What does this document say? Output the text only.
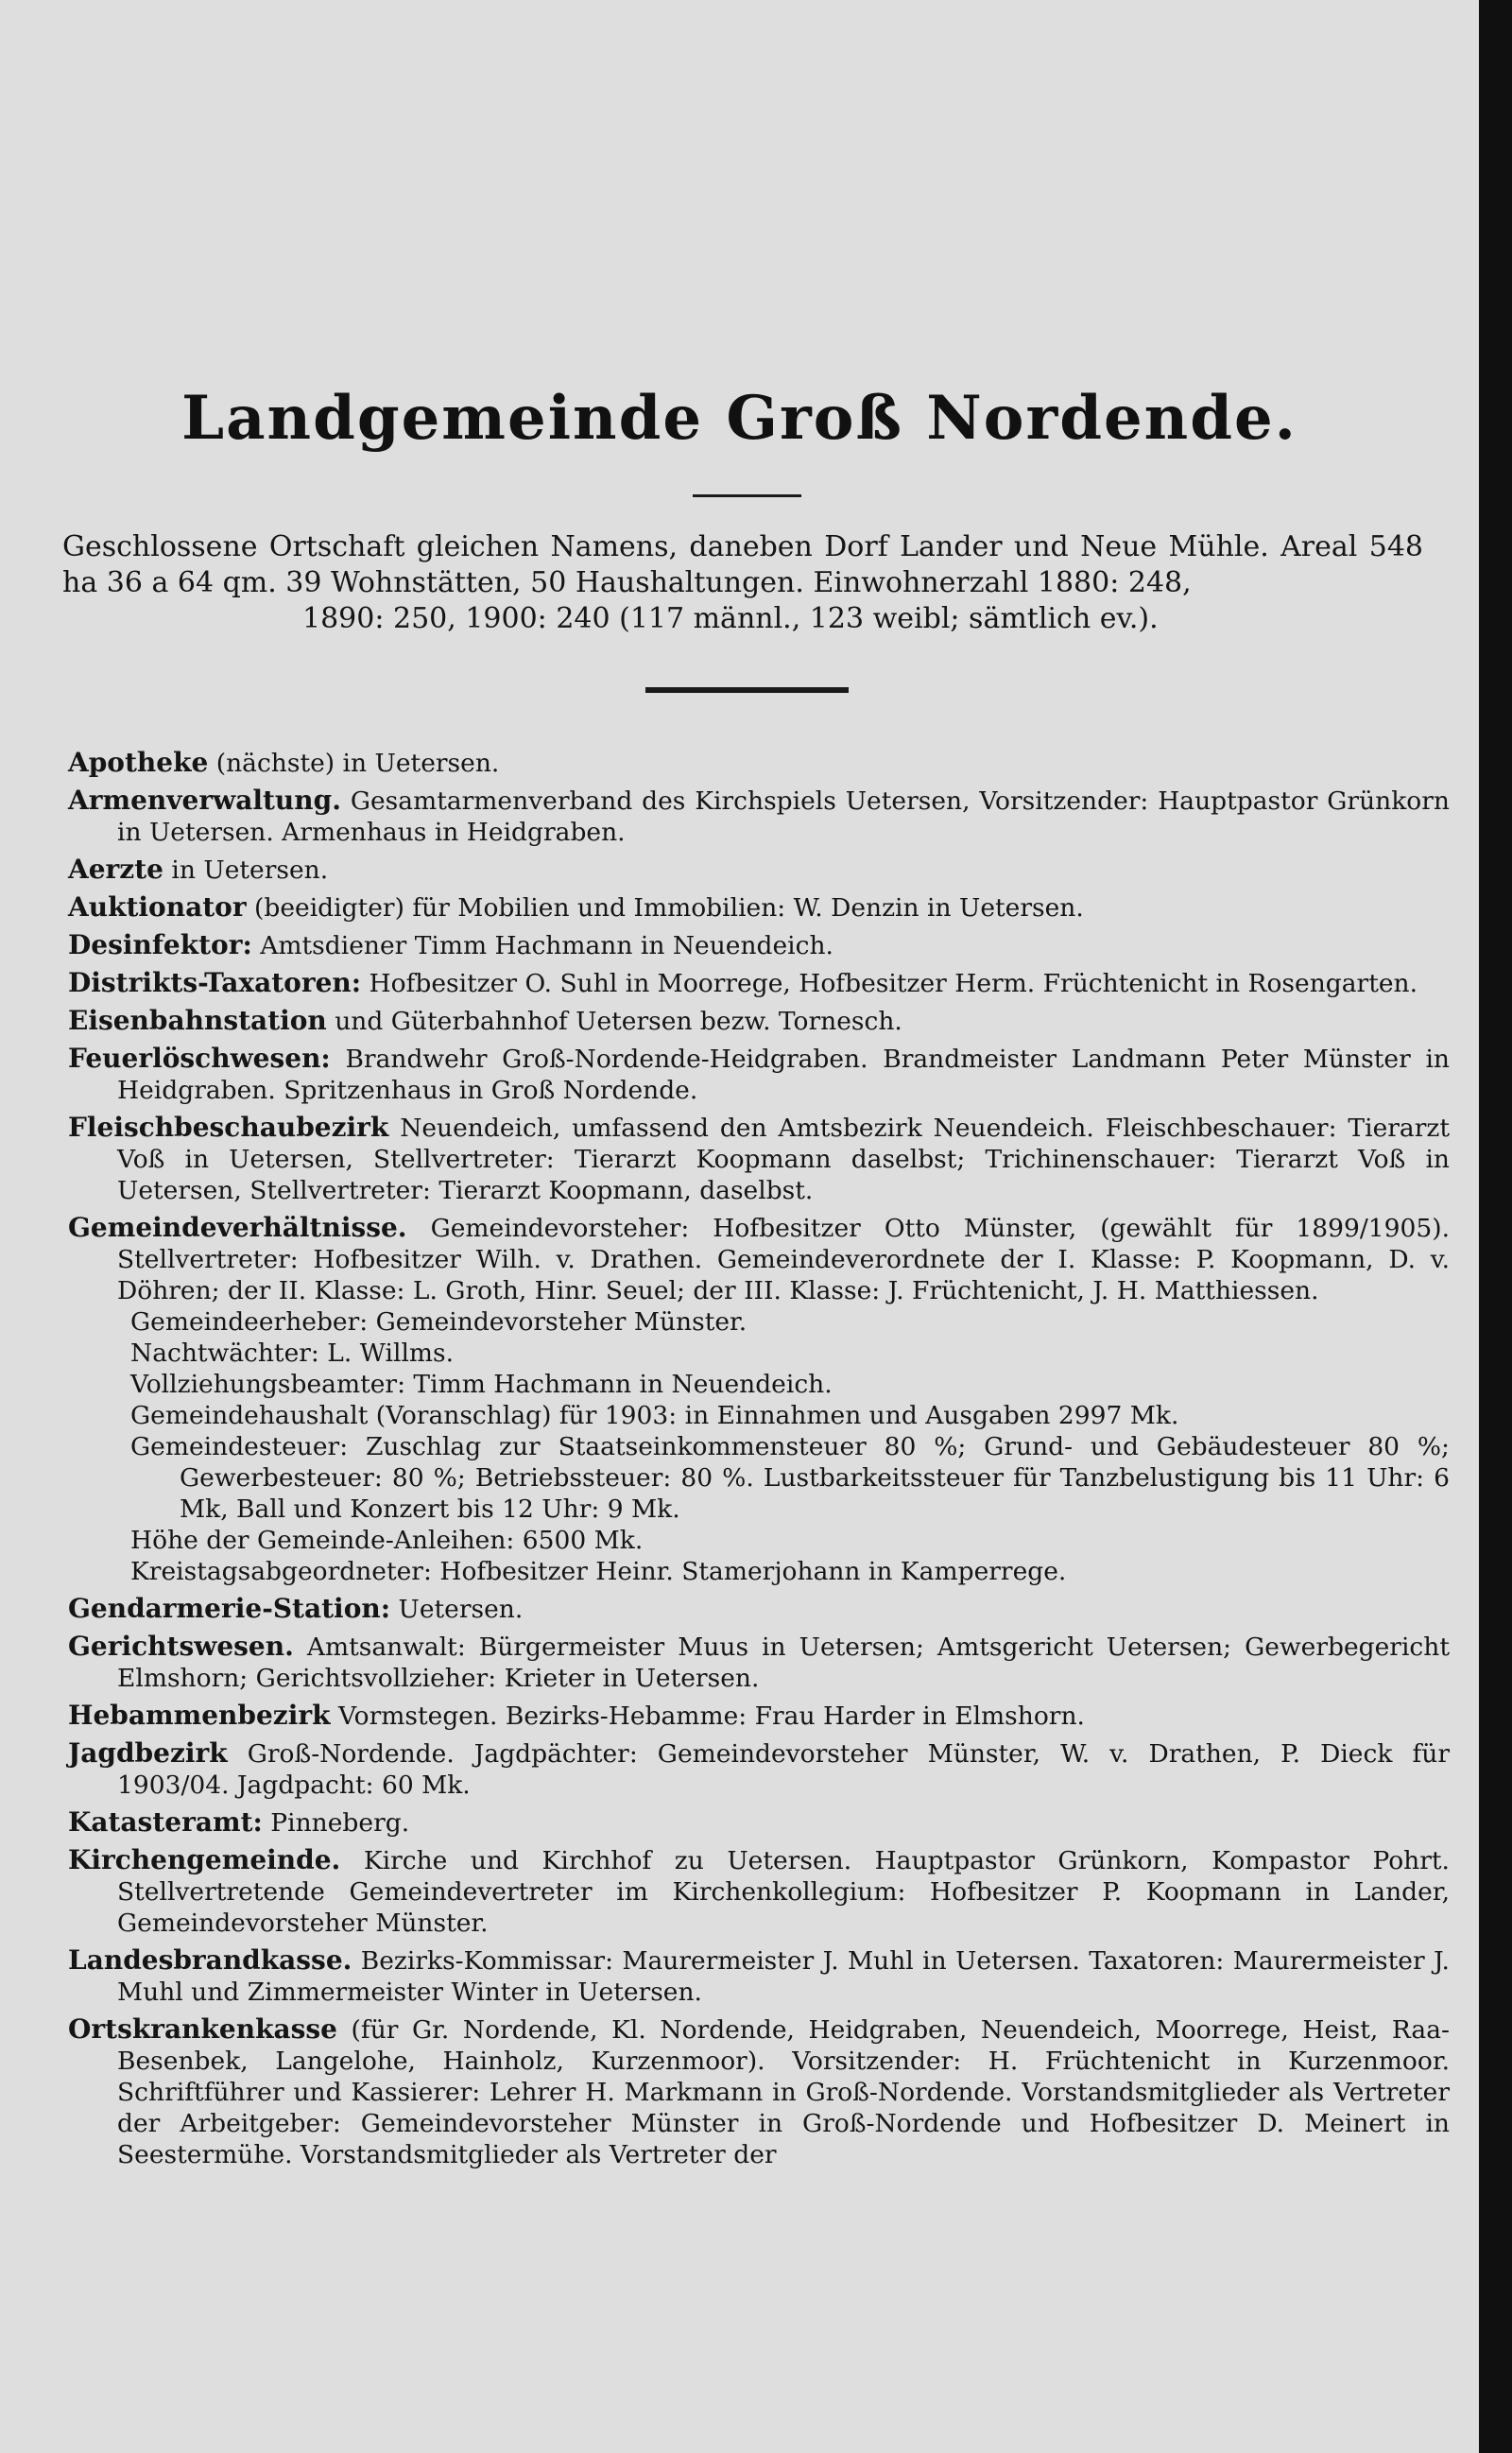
Landgemeinde Groß Nordende.

Geschlossene Ortschaft gleichen Namens, daneben Dorf Lander und Neue Mühle. Areal 548 ha 36 a 64 qm. 39 Wohnstätten, 50 Haushaltungen. Einwohnerzahl 1880: 248,
1890: 250, 1900: 240 (117 männl., 123 weibl; sämtlich ev.).

Apotheke (nächste) in Uetersen.
Armenverwaltung. Gesamtarmenverband des Kirchspiels Uetersen, Vorsitzender: Hauptpastor Grünkorn in Uetersen. Armenhaus in Heidgraben.
Aerzte in Uetersen.
Auktionator (beeidigter) für Mobilien und Immobilien: W. Denzin in Uetersen.
Desinfektor: Amtsdiener Timm Hachmann in Neuendeich.
Distrikts-Taxatoren: Hofbesitzer O. Suhl in Moorrege, Hofbesitzer Herm. Früchtenicht in Rosengarten.
Eisenbahnstation und Güterbahnhof Uetersen bezw. Tornesch.
Feuerlöschwesen: Brandwehr Groß-Nordende-Heidgraben. Brandmeister Landmann Peter Münster in Heidgraben. Spritzenhaus in Groß Nordende.
Fleischbeschaubezirk Neuendeich, umfassend den Amtsbezirk Neuendeich. Fleischbeschauer: Tierarzt Voß in Uetersen, Stellvertreter: Tierarzt Koopmann daselbst; Trichinenschauer: Tierarzt Voß in Uetersen, Stellvertreter: Tierarzt Koopmann, daselbst.
Gemeindeverhältnisse. Gemeindevorsteher: Hofbesitzer Otto Münster, (gewählt für 1899/1905). Stellvertreter: Hofbesitzer Wilh. v. Drathen. Gemeindeverordnete der I. Klasse: P. Koopmann, D. v. Döhren; der II. Klasse: L. Groth, Hinr. Seuel; der III. Klasse: J. Früchtenicht, J. H. Matthiessen.
Gemeindeerheber: Gemeindevorsteher Münster.
Nachtwächter: L. Willms.
Vollziehungsbeamter: Timm Hachmann in Neuendeich.
Gemeindehaushalt (Voranschlag) für 1903: in Einnahmen und Ausgaben 2997 Mk.
Gemeindesteuer: Zuschlag zur Staatseinkommensteuer 80 %; Grund- und Gebäudesteuer 80 %; Gewerbesteuer: 80 %; Betriebssteuer: 80 %. Lustbarkeitssteuer für Tanzbelustigung bis 11 Uhr: 6 Mk, Ball und Konzert bis 12 Uhr: 9 Mk.
Höhe der Gemeinde-Anleihen: 6500 Mk.
Kreistagsabgeordneter: Hofbesitzer Heinr. Stamerjohann in Kamperrege.
Gendarmerie-Station: Uetersen.
Gerichtswesen. Amtsanwalt: Bürgermeister Muus in Uetersen; Amtsgericht Uetersen; Gewerbegericht Elmshorn; Gerichtsvollzieher: Krieter in Uetersen.
Hebammenbezirk Vormstegen. Bezirks-Hebamme: Frau Harder in Elmshorn.
Jagdbezirk Groß-Nordende. Jagdpächter: Gemeindevorsteher Münster, W. v. Drathen, P. Dieck für 1903/04. Jagdpacht: 60 Mk.
Katasteramt: Pinneberg.
Kirchengemeinde. Kirche und Kirchhof zu Uetersen. Hauptpastor Grünkorn, Kompastor Pohrt. Stellvertretende Gemeindevertreter im Kirchenkollegium: Hofbesitzer P. Koopmann in Lander, Gemeindevorsteher Münster.
Landesbrandkasse. Bezirks-Kommissar: Maurermeister J. Muhl in Uetersen. Taxatoren: Maurermeister J. Muhl und Zimmermeister Winter in Uetersen.
Ortskrankenkasse (für Gr. Nordende, Kl. Nordende, Heidgraben, Neuendeich, Moorrege, Heist, Raa-Besenbek, Langelohe, Hainholz, Kurzenmoor). Vorsitzender: H. Früchtenicht in Kurzenmoor. Schriftführer und Kassierer: Lehrer H. Markmann in Groß-Nordende. Vorstandsmitglieder als Vertreter der Arbeitgeber: Gemeindevorsteher Münster in Groß-Nordende und Hofbesitzer D. Meinert in Seestermühe. Vorstandsmitglieder als Vertreter der
